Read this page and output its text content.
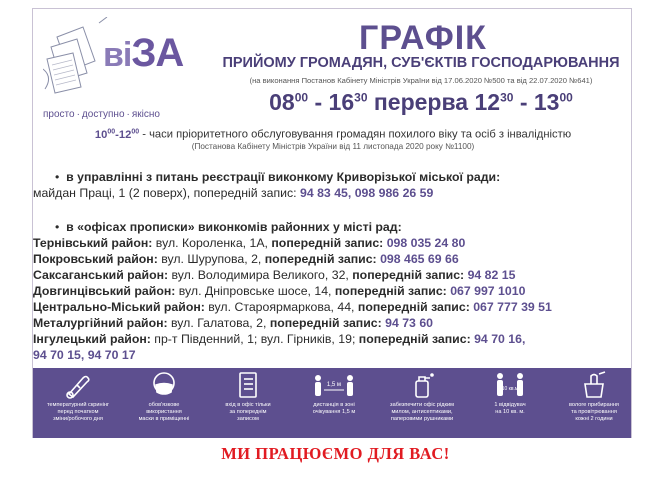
віЗА
просто · доступно · якісно
ГРАФІК
ПРИЙОМУ ГРОМАДЯН, СУБ'ЄКТІВ ГОСПОДАРЮВАННЯ
(на виконання Постанов Кабінету Міністрів України від 17.06.2020 №500 та від 22.07.2020 №641)
$08^{00} - 16^{30}$ перерва $12^{30} - 13^{00}$
$10^{00}-12^{00}$ - часи пріоритетного обслуговування громадян похилого віку та осіб з інвалідністю
(Постанова Кабінету Міністрів України від 11 листопада 2020 року №1100)
• в управлінні з питань реєстрації виконкому Криворізької міської ради:
майдан Праці, 1 (2 поверх), попередній запис: 94 83 45, 098 986 26 59
• в «офісах прописки» виконкомів районних у місті рад:
Тернівський район: вул. Короленка, 1А, попередній запис: 098 035 24 80
Покровський район: вул. Шурупова, 2, попередній запис: 098 465 69 66
Саксаганський район: вул. Володимира Великого, 32, попередній запис: 94 82 15
Довгинцівський район: вул. Дніпровське шосе, 14, попередній запис: 067 997 1010
Центрально-Міський район: вул. Староярмаркова, 44, попередній запис: 067 777 39 51
Металургійний район: вул. Галатова, 2, попередній запис: 94 73 60
Інгулецький район: пр-т Південний, 1; вул. Гірників, 19; попередній запис: 94 70 16,
94 70 15, 94 70 17
температурний скринінг
перед початком
зміни/робочого дня
обов'язкове
використання
маски в приміщенні
вхід в офіс тільки
за попереднім
записом
1,5 м
дистанція в зоні
очікування 1,5 м
забезпечити офіс рідким
милом, антисептиками,
паперовими рушниками
10 кв.м
1 відвідувач
на 10 кв. м.
вологе прибирання
та провітрювання
кожні 2 години
МИ ПРАЦЮЄМО ДЛЯ ВАС!
